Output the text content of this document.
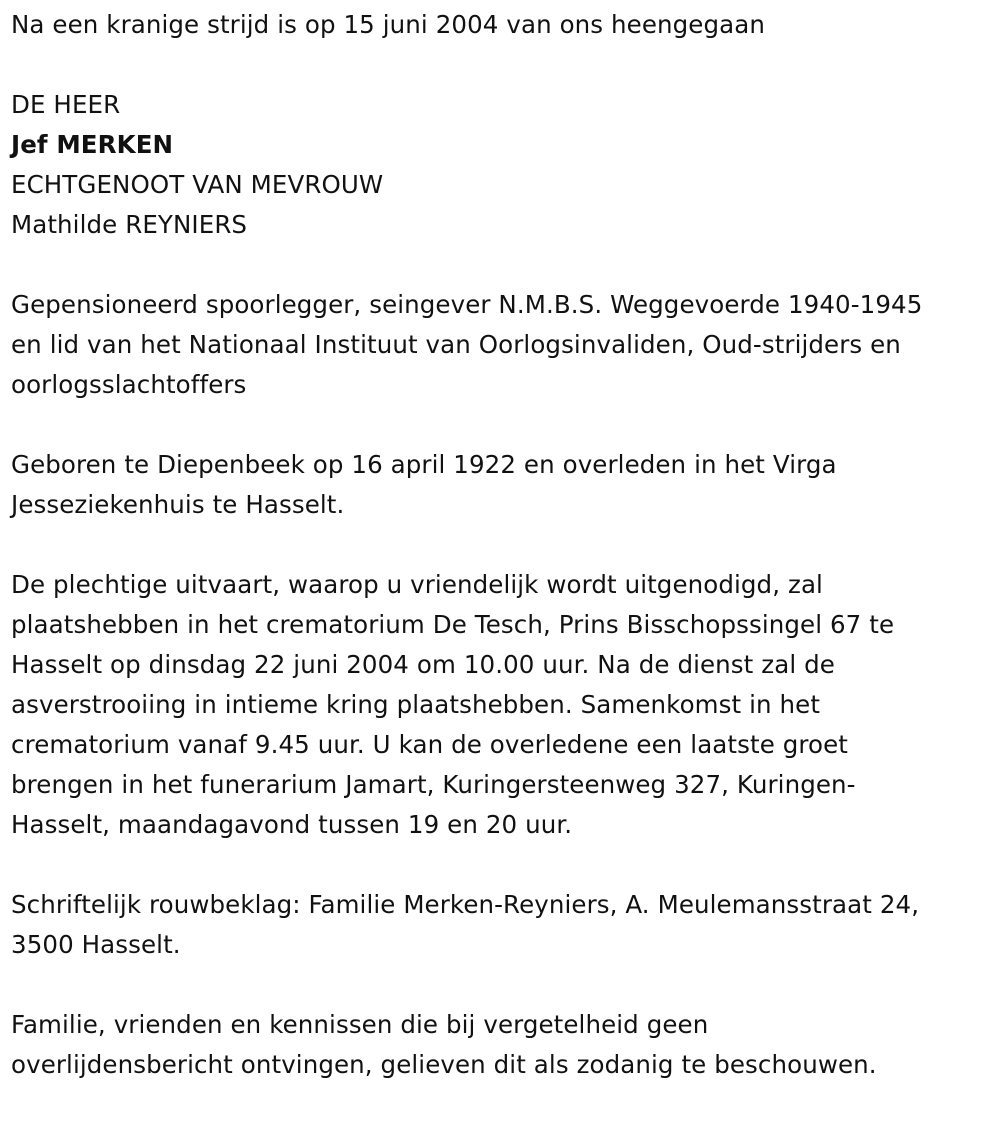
Na een kranige strijd is op 15 juni 2004 van ons heengegaan
DE HEER
Jef MERKEN
ECHTGENOOT VAN MEVROUW
Mathilde REYNIERS
Gepensioneerd spoorlegger, seingever N.M.B.S. Weggevoerde 1940-1945
en lid van het Nationaal Instituut van Oorlogsinvaliden, Oud-strijders en
oorlogsslachtoffers
Geboren te Diepenbeek op 16 april 1922 en overleden in het Virga
Jesseziekenhuis te Hasselt.
De plechtige uitvaart, waarop u vriendelijk wordt uitgenodigd, zal
plaatshebben in het crematorium De Tesch, Prins Bisschopssingel 67 te
Hasselt op dinsdag 22 juni 2004 om 10.00 uur. Na de dienst zal de
asverstrooiing in intieme kring plaatshebben. Samenkomst in het
crematorium vanaf 9.45 uur. U kan de overledene een laatste groet
brengen in het funerarium Jamart, Kuringersteenweg 327, Kuringen-
Hasselt, maandagavond tussen 19 en 20 uur.
Schriftelijk rouwbeklag: Familie Merken-Reyniers, A. Meulemansstraat 24,
3500 Hasselt.
Familie, vrienden en kennissen die bij vergetelheid geen
overlijdensbericht ontvingen, gelieven dit als zodanig te beschouwen.
